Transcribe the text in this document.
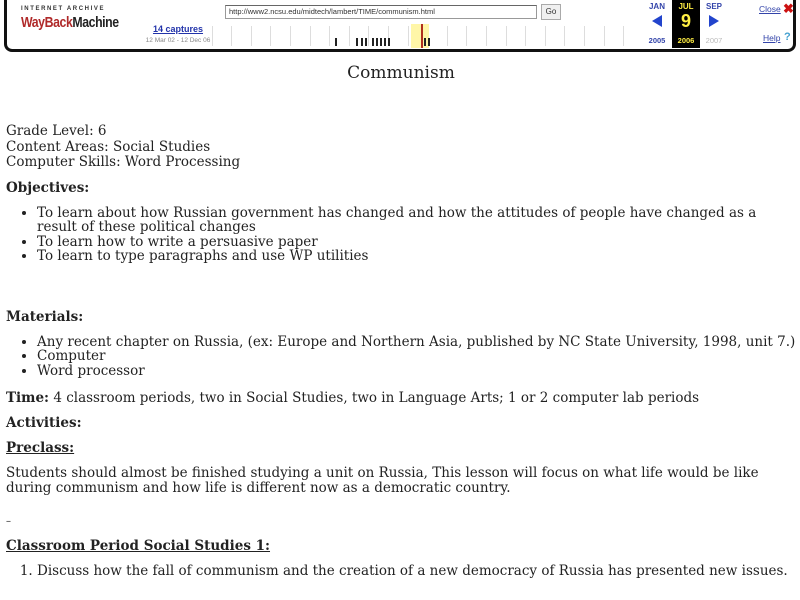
INTERNET ARCHIVE
WayBackMachine
http://www2.ncsu.edu/midtech/lambert/TIME/communism.html	Go
14 captures
12 Mar 02 - 12 Dec 06
JAN
2005
JUL
9
2006
SEP
2007
Close ✖
Help ?
Communism
Grade Level: 6
Content Areas: Social Studies
Computer Skills: Word Processing
Objectives:
• To learn about how Russian government has changed and how the attitudes of people have changed as a result of these political changes
• To learn how to write a persuasive paper
• To learn to type paragraphs and use WP utilities
Materials:
• Any recent chapter on Russia, (ex: Europe and Northern Asia, published by NC State University, 1998, unit 7.)
• Computer
• Word processor
Time: 4 classroom periods, two in Social Studies, two in Language Arts; 1 or 2 computer lab periods
Activities:
Preclass:

Students should almost be finished studying a unit on Russia, This lesson will focus on what life would be like during communism and how life is different now as a democratic country.

–
Classroom Period Social Studies 1:
1. Discuss how the fall of communism and the creation of a new democracy of Russia has presented new issues.
